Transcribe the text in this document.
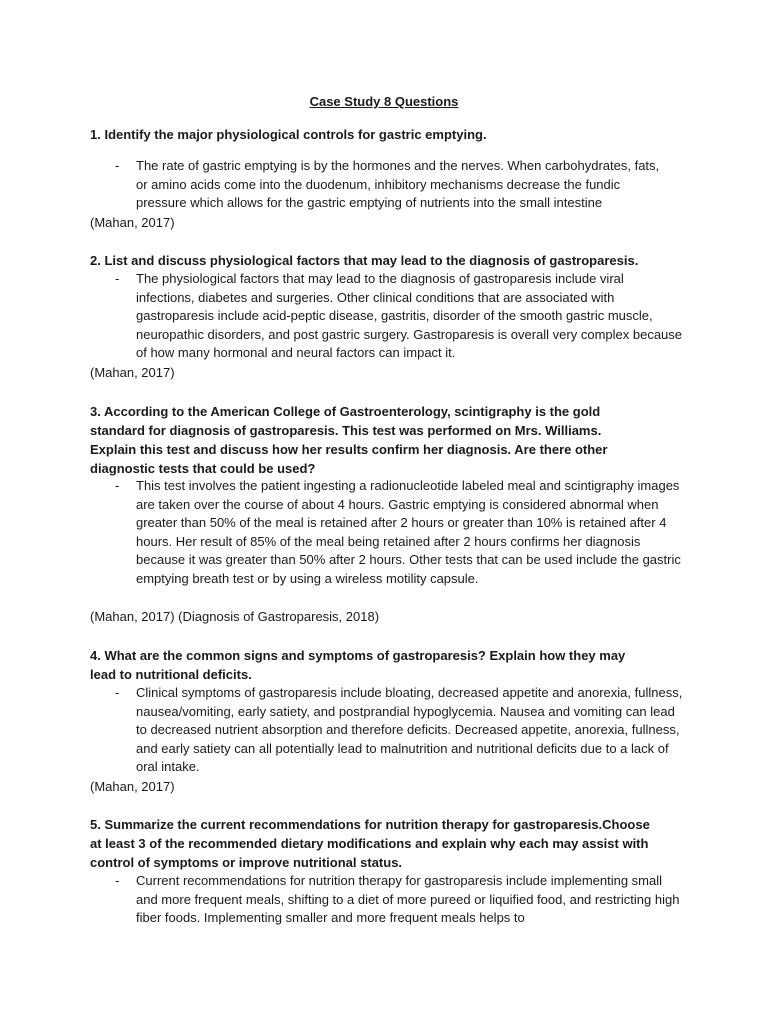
Case Study 8 Questions
1. Identify the major physiological controls for gastric emptying.
- The rate of gastric emptying is by the hormones and the nerves. When carbohydrates, fats, or amino acids come into the duodenum, inhibitory mechanisms decrease the fundic pressure which allows for the gastric emptying of nutrients into the small intestine
(Mahan, 2017)
2. List and discuss physiological factors that may lead to the diagnosis of gastroparesis.
- The physiological factors that may lead to the diagnosis of gastroparesis include viral infections, diabetes and surgeries. Other clinical conditions that are associated with gastroparesis include acid-peptic disease, gastritis, disorder of the smooth gastric muscle, neuropathic disorders, and post gastric surgery. Gastroparesis is overall very complex because of how many hormonal and neural factors can impact it.
(Mahan, 2017)
3. According to the American College of Gastroenterology, scintigraphy is the gold standard for diagnosis of gastroparesis. This test was performed on Mrs. Williams. Explain this test and discuss how her results confirm her diagnosis. Are there other diagnostic tests that could be used?
- This test involves the patient ingesting a radionucleotide labeled meal and scintigraphy images are taken over the course of about 4 hours. Gastric emptying is considered abnormal when greater than 50% of the meal is retained after 2 hours or greater than 10% is retained after 4 hours. Her result of 85% of the meal being retained after 2 hours confirms her diagnosis because it was greater than 50% after 2 hours. Other tests that can be used include the gastric emptying breath test or by using a wireless motility capsule.
(Mahan, 2017) (Diagnosis of Gastroparesis, 2018)
4. What are the common signs and symptoms of gastroparesis? Explain how they may lead to nutritional deficits.
- Clinical symptoms of gastroparesis include bloating, decreased appetite and anorexia, fullness, nausea/vomiting, early satiety, and postprandial hypoglycemia. Nausea and vomiting can lead to decreased nutrient absorption and therefore deficits. Decreased appetite, anorexia, fullness, and early satiety can all potentially lead to malnutrition and nutritional deficits due to a lack of oral intake.
(Mahan, 2017)
5. Summarize the current recommendations for nutrition therapy for gastroparesis.Choose at least 3 of the recommended dietary modifications and explain why each may assist with control of symptoms or improve nutritional status.
- Current recommendations for nutrition therapy for gastroparesis include implementing small and more frequent meals, shifting to a diet of more pureed or liquified food, and restricting high fiber foods. Implementing smaller and more frequent meals helps to
